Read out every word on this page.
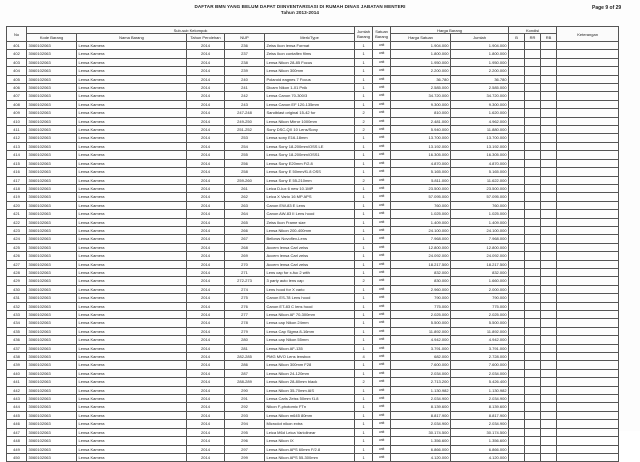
DAFTAR BMN YANG BELUM DAPAT DIINVENTARISASI DI RUMAH DINAS JABATAN MENTERI
Tahun 2013-2014
Page 9 of 29
No	Sub-sub Kelompok					Jumlah Barang	Satuan Barang	Harga Barang		Kondisi			Keterangan
	Kode Barang	Nama Barang	Tahun Perolehan	NUP	Merk/Type			Harga Satuan	Jumlah	B	RR	RB	

401	3060102063	Lensa Kamera	2014	236	Zeiss Ikon lensa Format	1	unit	1.904.000	1.904.000				
402	3060102063	Lensa Kamera	2014	237	Zeiss Ikon contaflex films	1	unit	1.800.000	1.800.000				
403	3060102063	Lensa Kamera	2014	238	Lensa Nikon 28-85 Focus	1	unit	1.950.000	1.950.000				
404	3060102063	Lensa Kamera	2014	239	Lensa Nikon 300mm	1	unit	2.200.000	2.200.000				
405	3060102063	Lensa Kamera	2014	240	Polaroid eagnes 7 Focus	1	unit	36.780	36.780				
406	3060102063	Lensa Kamera	2014	241	Dicam Nikon 1-01 Pnik	1	unit	2.585.000	2.585.000				
407	3060102063	Lensa Kamera	2014	242	Lensa Canon 70-300/3	1	unit	34.720.000	34.720.000				
408	3060102063	Lensa Kamera	2014	243	Lensa Canon EF 120-135mm	1	unit	9.300.000	9.300.000				
409	3060102063	Lensa Kamera	2014	247-248	Sandblast original 15-42 for	2	unit	810.000	1.620.000				
410	3060102063	Lensa Kamera	2014	249-250	Lensa Nikon Mirror 1000mm	2	unit	2.481.000	4.962.000				
411	3060102063	Lensa Kamera	2014	251-252	Sony DSC-QX 10 Lens/Sony	2	unit	5.940.000	11.880.000				
412	3060102063	Lensa Kamera	2014	253	Lensa sony E16-18mm	1	unit	13.700.000	13.700.000				
413	3060102063	Lensa Kamera	2014	254	Lensa Sony 18-200mm/OSS LE	1	unit	13.192.000	13.192.000				
414	3060102063	Lensa Kamera	2014	255	Lensa Sony 18-200mm/OSS1	1	unit	16.305.000	16.305.000				
415	3060102063	Lensa Kamera	2014	256	Lensa Sony E20mm F/2.8	1	unit	4.870.000	4.870.000				
416	3060102063	Lensa Kamera	2014	258	Lensa Sony E 50mm/f1.8 OSS	1	unit	5.165.000	5.165.000				
417	3060102063	Lensa Kamera	2014	259-260	Lensa Sony E 55-210mm	2	unit	5.811.000	11.622.000				
418	3060102063	Lensa Kamera	2014	261	Leica D-lux 6 new 10.1MP	1	unit	23.500.000	23.500.000				
419	3060102063	Lensa Kamera	2014	262	Leica X Vario 16 MP APS	1	unit	57.095.000	57.095.000				
420	3060102063	Lensa Kamera	2014	263	Canon EW-83 E Lens	1	unit	760.000	760.000				
421	3060102063	Lensa Kamera	2014	264	Canon AW-83 II Lens hood	1	unit	1.025.000	1.025.000				
422	3060102063	Lensa Kamera	2014	265	Zeiss Ikon Frame size	1	unit	1.409.000	1.409.000				
423	3060102063	Lensa Kamera	2014	266	Lensa Nikon 200-400mm	1	unit	24.100.000	24.100.000				
424	3060102063	Lensa Kamera	2014	267	Bellows Novoflex-Lens	1	unit	7.968.000	7.968.000				
425	3060102063	Lensa Kamera	2014	268	Accem lensa Carl zeiss	1	unit	12.800.000	12.800.000				
426	3060102063	Lensa Kamera	2014	269	Accem lensa Carl zeiss	1	unit	24.092.000	24.092.000				
427	3060102063	Lensa Kamera	2014	270	Accem lensa Carl zeiss	1	unit	18.217.500	18.217.500				
428	3060102063	Lensa Kamera	2014	271	Lens cap for x-fuc 2 with	1	unit	832.000	832.000				
429	3060102063	Lensa Kamera	2014	272-273	3 party auto lens cap	2	unit	830.000	1.660.000				
430	3060102063	Lensa Kamera	2014	274	Lens hood for X vario	1	unit	2.960.000	2.000.000				
431	3060102063	Lensa Kamera	2014	275	Canon ES-78 Lens hood	1	unit	790.000	790.000				
432	3060102063	Lensa Kamera	2014	276	Canon ET-83 C lens hood	1	unit	775.000	775.000				
433	3060102063	Lensa Kamera	2014	277	Lensa Nikon AF 70-300mm	1	unit	2.025.000	2.025.000				
434	3060102063	Lensa Kamera	2014	278	Lensa cap Nikon 24mm	1	unit	5.500.000	5.500.000				
435	3060102063	Lensa Kamera	2014	279	Lensa Cap Sigma 8-16mm	1	unit	11.892.000	11.892.000				
436	3060102063	Lensa Kamera	2014	280	Lensa cap Nikon 55mm	1	unit	4.942.000	4.942.000				
437	3060102063	Lensa Kamera	2014	281	Lensa Nikon AF-135	1	unit	3.791.000	3.791.000				
438	3060102063	Lensa Kamera	2014	282-285	PMG MVO Lens lensbox	4	unit	682.000	2.728.000				
439	3060102063	Lensa Kamera	2014	286	Lensa Nikon 300mm F28	1	unit	7.600.000	7.600.000				
440	3060102063	Lensa Kamera	2014	287	Lensa Nikon 24-120mm	1	unit	2.034.000	2.034.000				
441	3060102063	Lensa Kamera	2014	288-289	Lensa Nikon 28-80mm black	2	unit	2.713.200	5.426.400				
442	3060102063	Lensa Kamera	2014	290	Lensa Nikon 35-70mm AIS	1	unit	1.130.982	1.130.982				
443	3060102063	Lensa Kamera	2014	291	Lensa Carls Zeiss 50mm f1.8	1	unit	2.034.900	2.034.900				
444	3060102063	Lensa Kamera	2014	292	Nikon F-photomic FTn	1	unit	8.139.600	8.139.600				
445	3060102063	Lensa Kamera	2014	293	Lensa Nikon m645 80mm	1	unit	8.817.900	8.817.900				
446	3060102063	Lensa Kamera	2014	294	Microdot nikon extra	1	unit	2.034.900	2.034.900				
447	3060102063	Lensa Kamera	2014	295	Leica M6d Leica Variolinear	1	unit	30.174.500	30.174.500				
448	3060102063	Lensa Kamera	2014	296	Lensa Nikon IX	1	unit	1.356.600	1.356.600				
449	3060102063	Lensa Kamera	2014	297	Lensa Nikon APS 60mm F/2.8	1	unit	6.866.000	6.866.000				
450	3060102063	Lensa Kamera	2014	299	Lensa Nikon APS 55-300mm	1	unit	4.120.000	4.120.000				
